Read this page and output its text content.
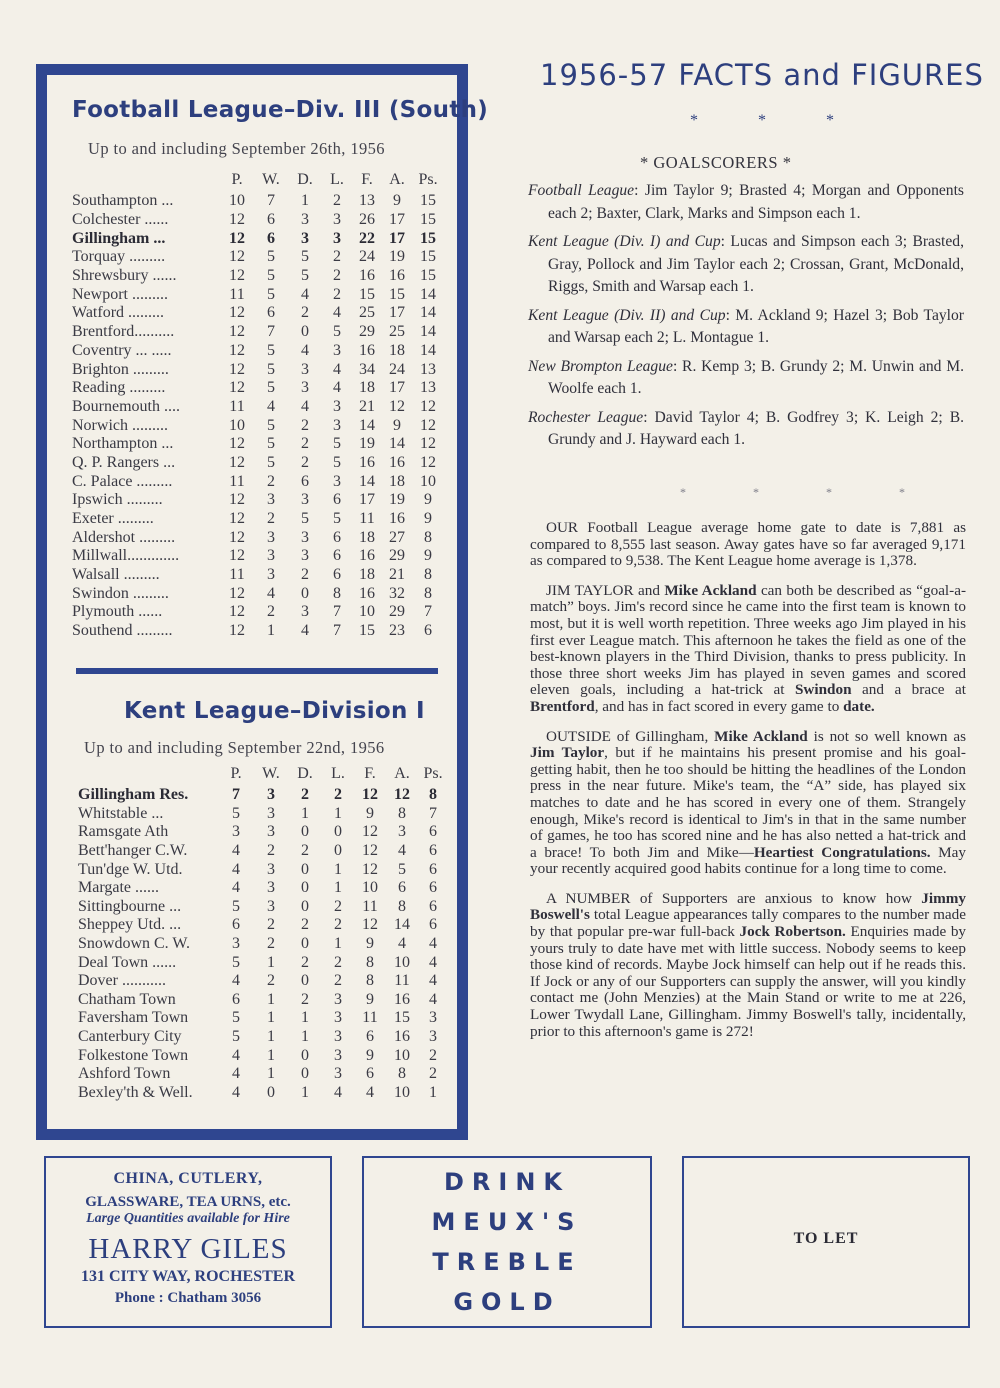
Football League–Div. III (South)
Up to and including September 26th, 1956
	P.	W.	D.	L.	F.	A.	Ps.
Southampton ...	10	7	1	2	13	9	15
Colchester ......	12	6	3	3	26	17	15
Gillingham ...	12	6	3	3	22	17	15
Torquay .........	12	5	5	2	24	19	15
Shrewsbury ......	12	5	5	2	16	16	15
Newport .........	11	5	4	2	15	15	14
Watford .........	12	6	2	4	25	17	14
Brentford..........	12	7	0	5	29	25	14
Coventry ... .....	12	5	4	3	16	18	14
Brighton .........	12	5	3	4	34	24	13
Reading .........	12	5	3	4	18	17	13
Bournemouth ....	11	4	4	3	21	12	12
Norwich .........	10	5	2	3	14	9	12
Northampton ...	12	5	2	5	19	14	12
Q. P. Rangers ...	12	5	2	5	16	16	12
C. Palace .........	11	2	6	3	14	18	10
Ipswich .........	12	3	3	6	17	19	9
Exeter .........	12	2	5	5	11	16	9
Aldershot .........	12	3	3	6	18	27	8
Millwall.............	12	3	3	6	16	29	9
Walsall .........	11	3	2	6	18	21	8
Swindon .........	12	4	0	8	16	32	8
Plymouth ......	12	2	3	7	10	29	7
Southend .........	12	1	4	7	15	23	6
Kent League–Division I
Up to and including September 22nd, 1956
	P.	W.	D.	L.	F.	A.	Ps.
Gillingham Res.	7	3	2	2	12	12	8
Whitstable ...	5	3	1	1	9	8	7
Ramsgate Ath	3	3	0	0	12	3	6
Bett'hanger C.W.	4	2	2	0	12	4	6
Tun'dge W. Utd.	4	3	0	1	12	5	6
Margate ......	4	3	0	1	10	6	6
Sittingbourne ...	5	3	0	2	11	8	6
Sheppey Utd. ...	6	2	2	2	12	14	6
Snowdown C. W.	3	2	0	1	9	4	4
Deal Town ......	5	1	2	2	8	10	4
Dover ...........	4	2	0	2	8	11	4
Chatham Town	6	1	2	3	9	16	4
Faversham Town	5	1	1	3	11	15	3
Canterbury City	5	1	1	3	6	16	3
Folkestone Town	4	1	0	3	9	10	2
Ashford Town	4	1	0	3	6	8	2
Bexley'th & Well.	4	0	1	4	4	10	1
1956-57 FACTS and FIGURES
* * *
* GOALSCORERS *

Football League: Jim Taylor 9; Brasted 4; Morgan and Opponents each 2; Baxter, Clark, Marks and Simpson each 1.

Kent League (Div. I) and Cup: Lucas and Simpson each 3; Brasted, Gray, Pollock and Jim Taylor each 2; Crossan, Grant, McDonald, Riggs, Smith and Warsap each 1.

Kent League (Div. II) and Cup: M. Ackland 9; Hazel 3; Bob Taylor and Warsap each 2; L. Montague 1.

New Brompton League: R. Kemp 3; B. Grundy 2; M. Unwin and M. Woolfe each 1.

Rochester League: David Taylor 4; B. Godfrey 3; K. Leigh 2; B. Grundy and J. Hayward each 1.

* * * *

OUR Football League average home gate to date is 7,881 as compared to 8,555 last season. Away gates have so far averaged 9,171 as compared to 9,538. The Kent League home average is 1,378.

JIM TAYLOR and Mike Ackland can both be described as “goal-a-match” boys. Jim's record since he came into the first team is known to most, but it is well worth repetition. Three weeks ago Jim played in his first ever League match. This afternoon he takes the field as one of the best-known players in the Third Division, thanks to press publicity. In those three short weeks Jim has played in seven games and scored eleven goals, including a hat-trick at Swindon and a brace at Brentford, and has in fact scored in every game to date.

OUTSIDE of Gillingham, Mike Ackland is not so well known as Jim Taylor, but if he maintains his present promise and his goal-getting habit, then he too should be hitting the headlines of the London press in the near future. Mike's team, the “A” side, has played six matches to date and he has scored in every one of them. Strangely enough, Mike's record is identical to Jim's in that in the same number of games, he too has scored nine and he has also netted a hat-trick and a brace! To both Jim and Mike—Heartiest Congratulations. May your recently acquired good habits continue for a long time to come.

A NUMBER of Supporters are anxious to know how Jimmy Boswell's total League appearances tally compares to the number made by that popular pre-war full-back Jock Robertson. Enquiries made by yours truly to date have met with little success. Nobody seems to keep those kind of records. Maybe Jock himself can help out if he reads this. If Jock or any of our Supporters can supply the answer, will you kindly contact me (John Menzies) at the Main Stand or write to me at 226, Lower Twydall Lane, Gillingham. Jimmy Boswell's tally, incidentally, prior to this afternoon's game is 272!

CHINA, CUTLERY,
GLASSWARE, TEA URNS, etc.
Large Quantities available for Hire
HARRY GILES
131 CITY WAY, ROCHESTER
Phone : Chatham 3056
DRINK
MEUX'S
TREBLE
GOLD
TO LET
